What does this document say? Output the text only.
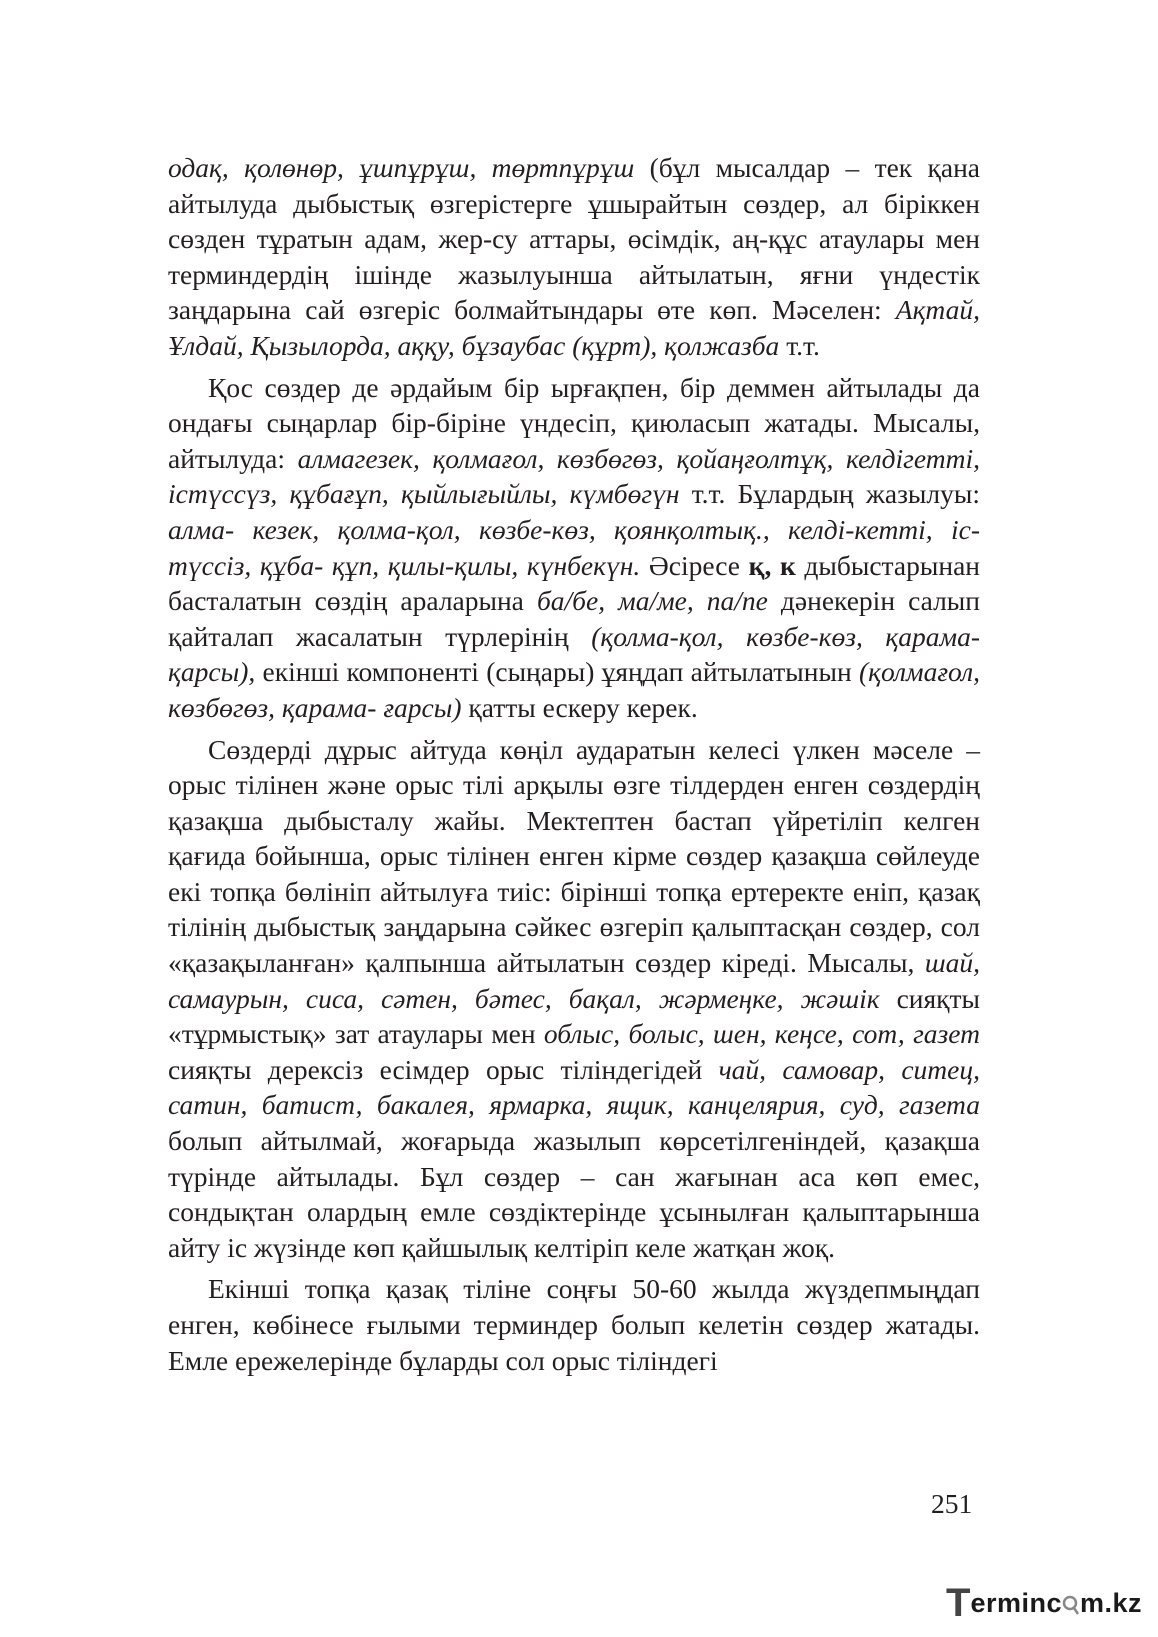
одақ, қолөнөр, ұшпұрұш, төртпұрұш (бұл мысалдар – тек қана айтылуда дыбыстық өзгерістерге ұшырайтын сөздер, ал біріккен сөзден тұратын адам, жер-су аттары, өсімдік, аң-құс атаулары мен терминдердің ішінде жазылуынша айтылатын, яғни үндестік заңдарына сай өзгеріс болмайтындары өте көп. Мәселен: Ақтай, Ұлдай, Қызылорда, аққу, бұзаубас (құрт), қолжазба т.т.

Қос сөздер де әрдайым бір ырғақпен, бір деммен айтылады да ондағы сыңарлар бір-біріне үндесіп, қиюласып жатады. Мысалы, айтылуда: алмагезек, қолмағол, көзбөгөз, қойаңғолтұқ, келдігетті, істүссүз, құбағұп, қыйлығыйлы, күмбөгүн т.т. Бұлардың жазылуы: алма- кезек, қолма-қол, көзбе-көз, қоянқолтық., келді-кетті, іс-түссіз, құба- құп, қилы-қилы, күнбекүн. Әсіресе қ, к дыбыстарынан басталатын сөздің араларына ба/бе, ма/ме, па/пе дәнекерін салып қайталап жасалатын түрлерінің (қолма-қол, көзбе-көз, қарама-қарсы), екінші компоненті (сыңары) ұяңдап айтылатынын (қолмағол, көзбөгөз, қарама- ғарсы) қатты ескеру керек.

Сөздерді дұрыс айтуда көңіл аударатын келесі үлкен мәселе – орыс тілінен және орыс тілі арқылы өзге тілдерден енген сөздердің қазақша дыбысталу жайы. Мектептен бастап үйретіліп келген қағида бойынша, орыс тілінен енген кірме сөздер қазақша сөйлеуде екі топқа бөлініп айтылуға тиіс: бірінші топқа ертеректе еніп, қазақ тілінің дыбыстық заңдарына сәйкес өзгеріп қалыптасқан сөздер, сол «қазақыланған» қалпынша айтылатын сөздер кіреді. Мысалы, шай, самаурын, сиса, сәтен, бәтес, бақал, жәрмеңке, жәшік сияқты «тұрмыстық» зат атаулары мен облыс, болыс, шен, кеңсе, сот, газет сияқты дерексіз есімдер орыс тіліндегідей чай, самовар, ситец, сатин, батист, бакалея, ярмарка, ящик, канцелярия, суд, газета болып айтылмай, жоғарыда жазылып көрсетілгеніндей, қазақша түрінде айтылады. Бұл сөздер – сан жағынан аса көп емес, сондықтан олардың емле сөздіктерінде ұсынылған қалыптарынша айту іс жүзінде көп қайшылық келтіріп келе жатқан жоқ.

Екінші топқа қазақ тіліне соңғы 50-60 жылда жүздепмыңдап енген, көбінесе ғылыми терминдер болып келетін сөздер жатады. Емле ережелерінде бұларды сол орыс тіліндегі

251
T erminc m.kz
